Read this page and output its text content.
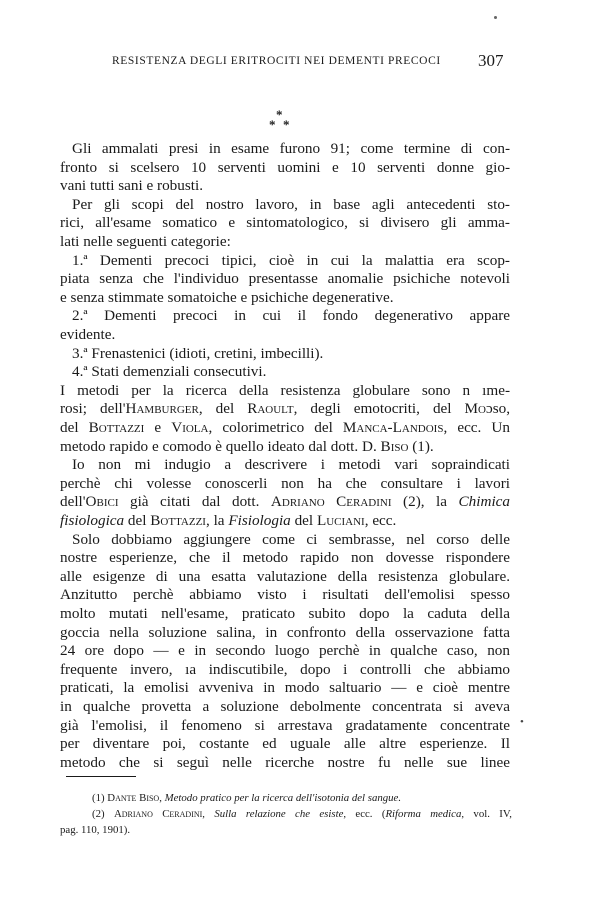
RESISTENZA DEGLI ERITROCITI NEI DEMENTI PRECOCI 307
*
* *
Gli ammalati presi in esame furono 91; come termine di con-
fronto si scelsero 10 serventi uomini e 10 serventi donne gio-
vani tutti sani e robusti.
Per gli scopi del nostro lavoro, in base agli antecedenti sto-
rici, all'esame somatico e sintomatologico, si divisero gli amma-
lati nelle seguenti categorie:
1.ª Dementi precoci tipici, cioè in cui la malattia era scop-
piata senza che l'individuo presentasse anomalie psichiche notevoli
e senza stimmate somatoiche e psichiche degenerative.
2.ª Dementi precoci in cui il fondo degenerativo appare
evidente.
3.ª Frenastenici (idioti, cretini, imbecilli).
4.ª Stati demenziali consecutivi.
I metodi per la ricerca della resistenza globulare sono n ıme-
rosi; dell'Hamburger, del Raoult, degli emotocriti, del Moɔso,
del Bottazzi e Viola, colorimetrico del Manca-Landois, ecc. Un
metodo rapido e comodo è quello ideato dal dott. D. Biso (1).
Io non mi indugio a descrivere i metodi vari sopraindicati
perchè chi volesse conoscerli non ha che consultare i lavori
dell'Obici già citati dal dott. Adriano Ceradini (2), la Chimica
fisiologica del Bottazzi, la Fisiologia del Luciani, ecc.
Solo dobbiamo aggiungere come ci sembrasse, nel corso delle
nostre esperienze, che il metodo rapido non dovesse rispondere
alle esigenze di una esatta valutazione della resistenza globulare.
Anzitutto perchè abbiamo visto i risultati dell'emolisi spesso
molto mutati nell'esame, praticato subito dopo la caduta della
goccia nella soluzione salina, in confronto della osservazione fatta
24 ore dopo — e in secondo luogo perchè in qualche caso, non
frequente invero, ıa indiscutibile, dopo i controlli che abbiamo
praticati, la emolisi avveniva in modo saltuario — e cioè mentre
in qualche provetta a soluzione debolmente concentrata si aveva
già l'emolisi, il fenomeno si arrestava gradatamente concentrate
per diventare poi, costante ed uguale alle altre esperienze. Il
metodo che si seguì nelle ricerche nostre fu nelle sue linee
(1) Dante Biso, Metodo pratico per la ricerca dell'isotonia del sangue.
(2) Adriano Ceradini, Sulla relazione che esiste, ecc. (Riforma medica, vol. IV,
pag. 110, 1901).
•
